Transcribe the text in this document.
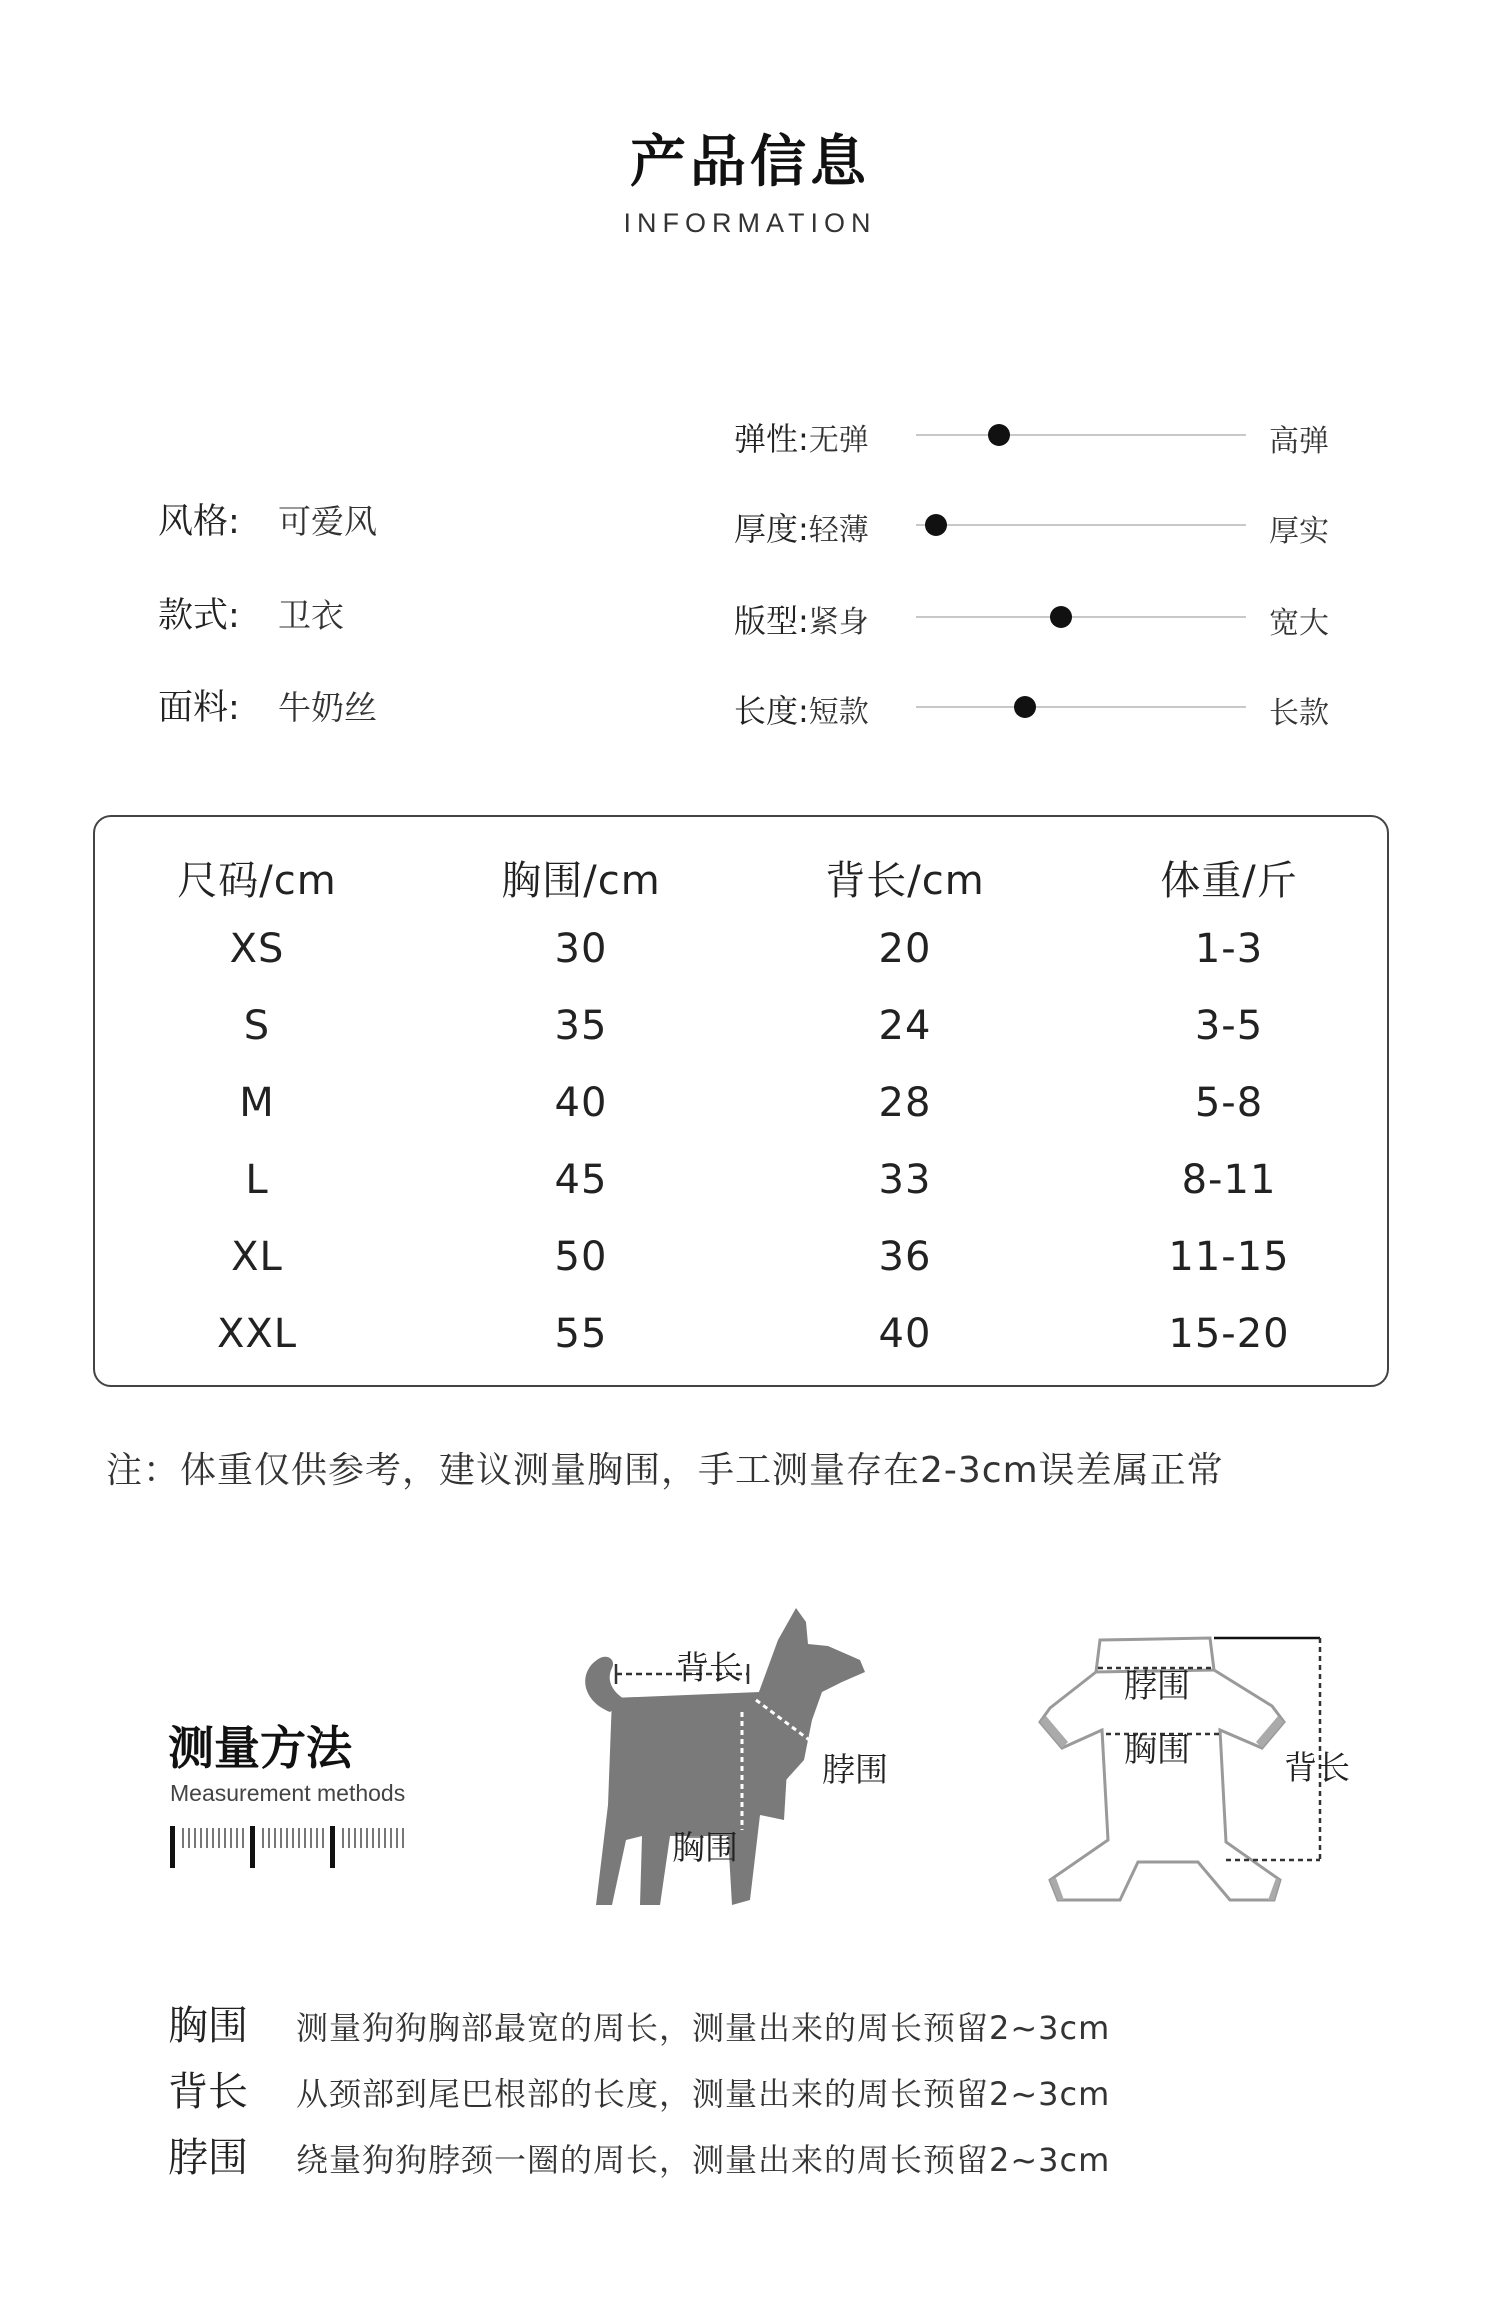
产品信息
INFORMATION
风格: 可爱风
款式: 卫衣
面料: 牛奶丝
弹性:无弹	高弹
厚度:轻薄	厚实
版型:紧身	宽大
长度:短款	长款
尺码/cm	胸围/cm	背长/cm	体重/斤
XS	30	20	1-3
S	35	24	3-5
M	40	28	5-8
L	45	33	8-11
XL	50	36	11-15
XXL	55	40	15-20
注：体重仅供参考，建议测量胸围，手工测量存在2-3cm误差属正常
测量方法
Measurement methods
背长
脖围
胸围
脖围
胸围	背长
胸围 测量狗狗胸部最宽的周长，测量出来的周长预留2~3cm
背长 从颈部到尾巴根部的长度，测量出来的周长预留2~3cm
脖围 绕量狗狗脖颈一圈的周长，测量出来的周长预留2~3cm
